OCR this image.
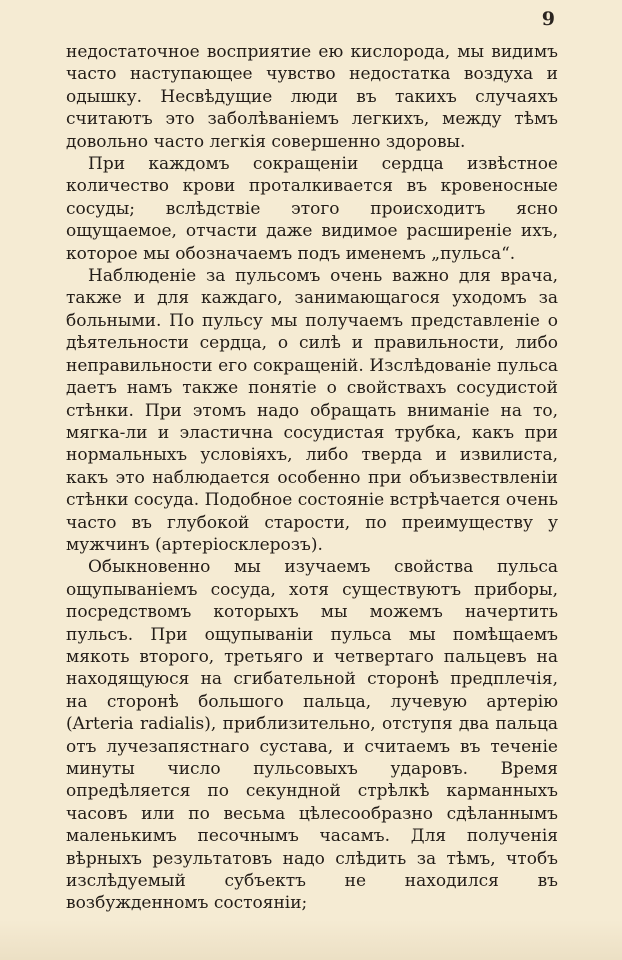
9

недостаточное восприятие ею кислорода, мы видимъ часто наступающее чувство недостатка воздуха и одышку. Несвѣдущие люди въ такихъ случаяхъ считаютъ это заболѣваніемъ легкихъ, между тѣмъ довольно часто легкія совершенно здоровы.

При каждомъ сокращеніи сердца извѣстное количество крови проталкивается въ кровеносные сосуды; вслѣдствіе этого происходитъ ясно ощущаемое, отчасти даже видимое расширеніе ихъ, которое мы обозначаемъ подъ именемъ „пульса“.

Наблюденіе за пульсомъ очень важно для врача, также и для каждаго, занимающагося уходомъ за больными. По пульсу мы получаемъ представленіе о дѣятельности сердца, о силѣ и правильности, либо неправильности его сокращеній. Изслѣдованіе пульса даетъ намъ также понятіе о свойствахъ сосудистой стѣнки. При этомъ надо обращать вниманіе на то, мягка-ли и эластична сосудистая трубка, какъ при нормальныхъ условіяхъ, либо тверда и извилиста, какъ это наблюдается особенно при объизвествленіи стѣнки сосуда. Подобное состояніе встрѣчается очень часто въ глубокой старости, по преимуществу у мужчинъ (артеріосклерозъ).

Обыкновенно мы изучаемъ свойства пульса ощупываніемъ сосуда, хотя существуютъ приборы, посредствомъ которыхъ мы можемъ начертить пульсъ. При ощупываніи пульса мы помѣщаемъ мякоть второго, третьяго и четвертаго пальцевъ на находящуюся на сгибательной сторонѣ предплечія, на сторонѣ большого пальца, лучевую артерію (Arteria radialis), приблизительно, отступя два пальца отъ лучезапястнаго сустава, и считаемъ въ теченіе минуты число пульсовыхъ ударовъ. Время опредѣляется по секундной стрѣлкѣ карманныхъ часовъ или по весьма цѣлесообразно сдѣланнымъ маленькимъ песочнымъ часамъ. Для полученія вѣрныхъ результатовъ надо слѣдить за тѣмъ, чтобъ изслѣдуемый субъектъ не находился въ возбужденномъ состояніи;
